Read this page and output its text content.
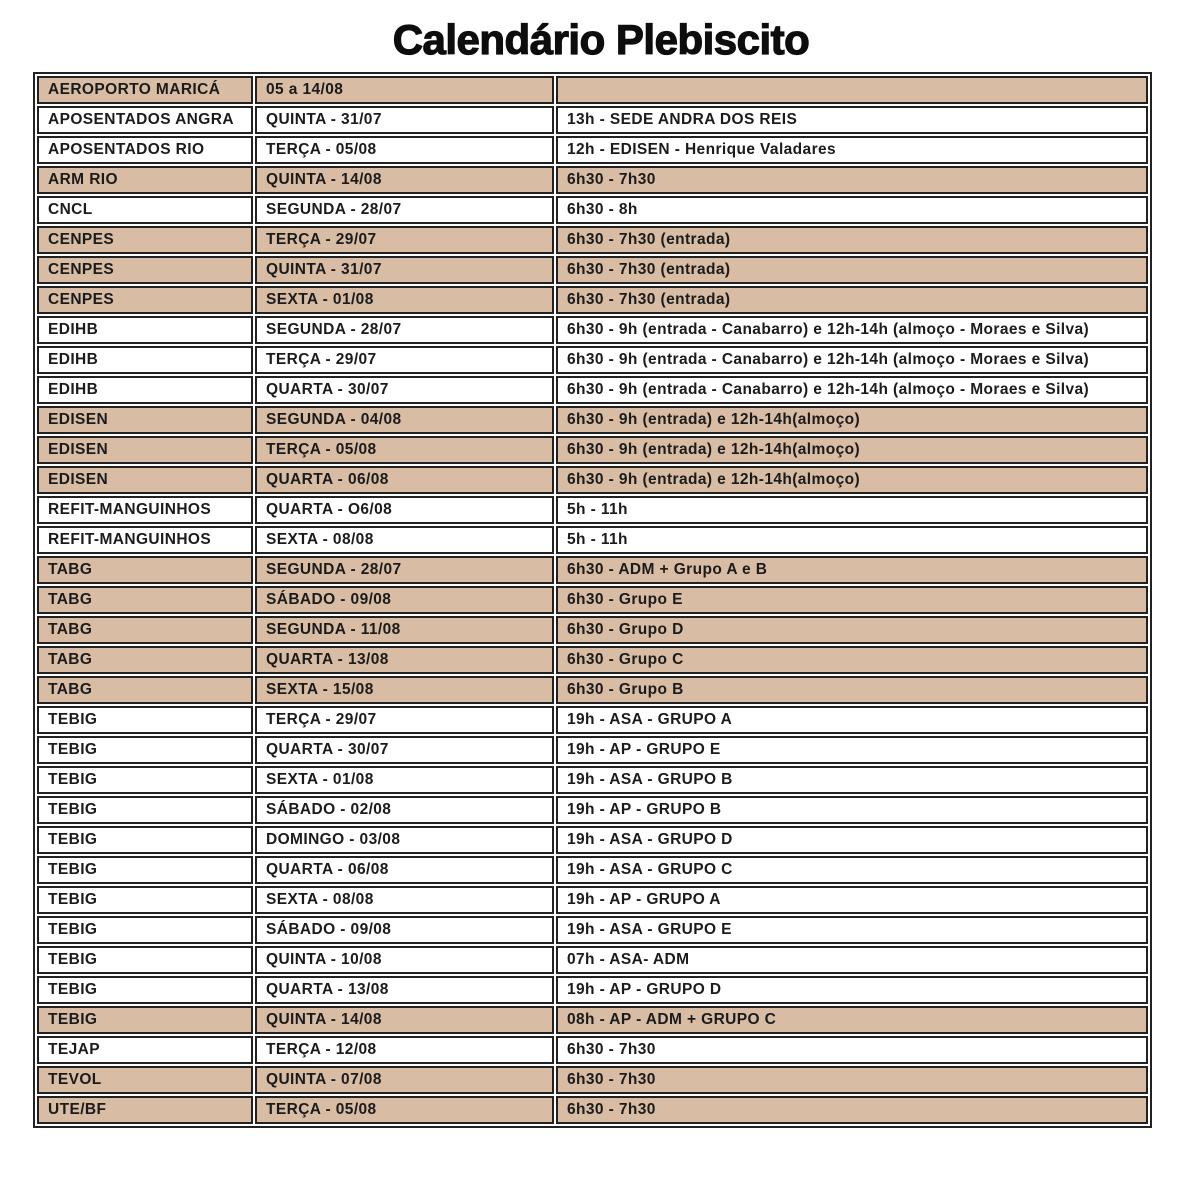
Calendário Plebiscito
AEROPORTO MARICÁ	05 a 14/08	
APOSENTADOS ANGRA	QUINTA - 31/07	13h - SEDE ANDRA DOS REIS
APOSENTADOS RIO	TERÇA - 05/08	12h - EDISEN - Henrique Valadares
ARM RIO	QUINTA - 14/08	6h30 - 7h30
CNCL	SEGUNDA - 28/07	6h30 - 8h
CENPES	TERÇA - 29/07	6h30 - 7h30 (entrada)
CENPES	QUINTA - 31/07	6h30 - 7h30 (entrada)
CENPES	SEXTA - 01/08	6h30 - 7h30 (entrada)
EDIHB	SEGUNDA - 28/07	6h30 - 9h (entrada - Canabarro) e 12h-14h (almoço - Moraes e Silva)
EDIHB	TERÇA - 29/07	6h30 - 9h (entrada - Canabarro) e 12h-14h (almoço - Moraes e Silva)
EDIHB	QUARTA - 30/07	6h30 - 9h (entrada - Canabarro) e 12h-14h (almoço - Moraes e Silva)
EDISEN	SEGUNDA - 04/08	6h30 - 9h (entrada) e 12h-14h(almoço)
EDISEN	TERÇA - 05/08	6h30 - 9h (entrada) e 12h-14h(almoço)
EDISEN	QUARTA - 06/08	6h30 - 9h (entrada) e 12h-14h(almoço)
REFIT-MANGUINHOS	QUARTA - O6/08	5h - 11h
REFIT-MANGUINHOS	SEXTA - 08/08	5h - 11h
TABG	SEGUNDA - 28/07	6h30 - ADM + Grupo A e B
TABG	SÁBADO - 09/08	6h30 - Grupo E
TABG	SEGUNDA - 11/08	6h30 - Grupo D
TABG	QUARTA - 13/08	6h30 - Grupo C
TABG	SEXTA - 15/08	6h30 - Grupo B
TEBIG	TERÇA - 29/07	19h - ASA - GRUPO A
TEBIG	QUARTA - 30/07	19h - AP - GRUPO E
TEBIG	SEXTA - 01/08	19h - ASA - GRUPO B
TEBIG	SÁBADO - 02/08	19h - AP - GRUPO B
TEBIG	DOMINGO - 03/08	19h - ASA - GRUPO D
TEBIG	QUARTA - 06/08	19h - ASA - GRUPO C
TEBIG	SEXTA - 08/08	19h - AP - GRUPO A
TEBIG	SÁBADO - 09/08	19h - ASA - GRUPO E
TEBIG	QUINTA - 10/08	07h - ASA- ADM
TEBIG	QUARTA - 13/08	19h - AP - GRUPO D
TEBIG	QUINTA - 14/08	08h - AP - ADM + GRUPO C
TEJAP	TERÇA - 12/08	6h30 - 7h30
TEVOL	QUINTA - 07/08	6h30 - 7h30
UTE/BF	TERÇA - 05/08	6h30 - 7h30
